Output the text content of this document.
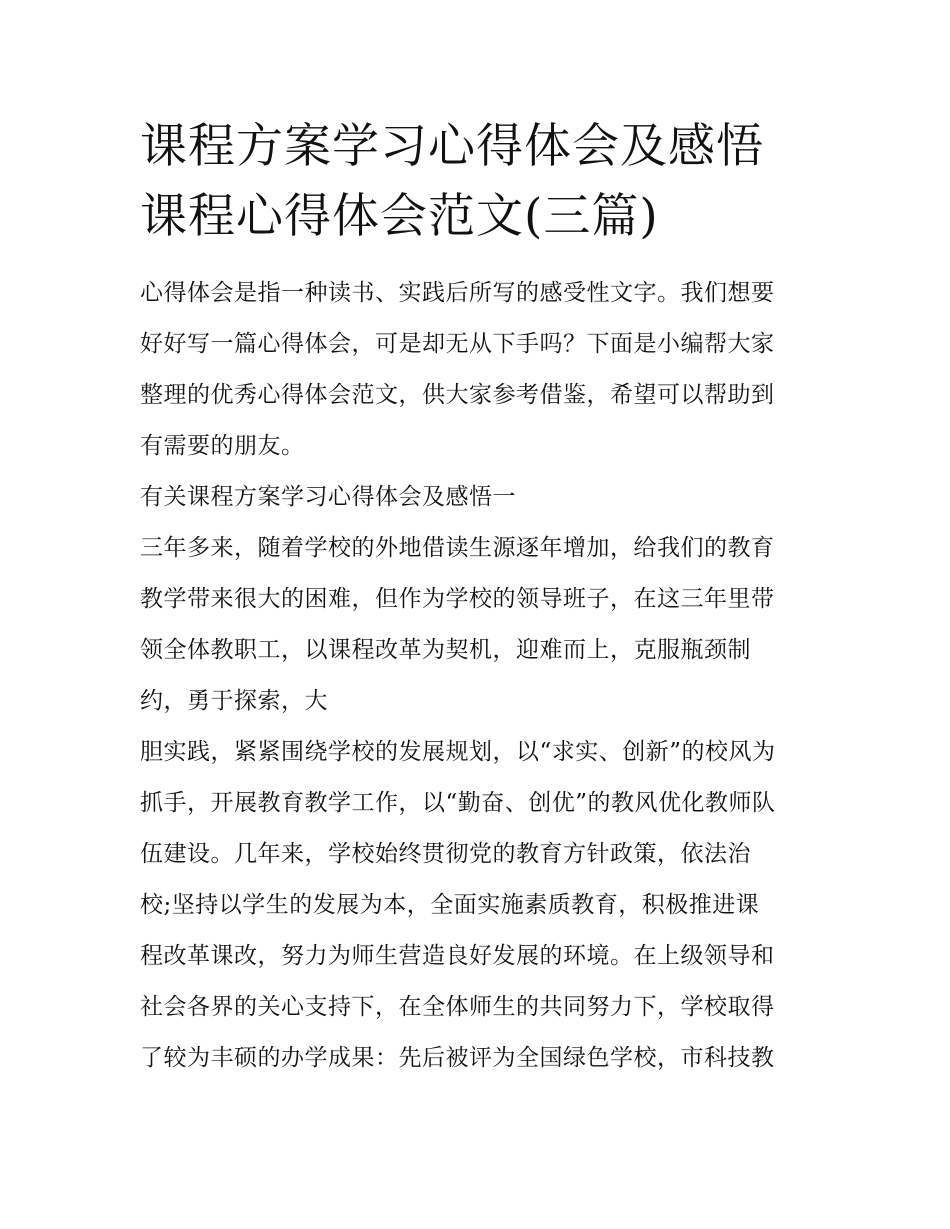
课程方案学习心得体会及感悟
课程心得体会范文(三篇)
心得体会是指一种读书、实践后所写的感受性文字。我们想要
好好写一篇心得体会，可是却无从下手吗？下面是小编帮大家
整理的优秀心得体会范文，供大家参考借鉴，希望可以帮助到
有需要的朋友。
有关课程方案学习心得体会及感悟一
三年多来，随着学校的外地借读生源逐年增加，给我们的教育
教学带来很大的困难，但作为学校的领导班子，在这三年里带
领全体教职工，以课程改革为契机，迎难而上，克服瓶颈制
约，勇于探索，大
胆实践，紧紧围绕学校的发展规划，以“求实、创新”的校风为
抓手，开展教育教学工作，以“勤奋、创优”的教风优化教师队
伍建设。几年来，学校始终贯彻党的教育方针政策，依法治
校;坚持以学生的发展为本，全面实施素质教育，积极推进课
程改革课改，努力为师生营造良好发展的环境。在上级领导和
社会各界的关心支持下，在全体师生的共同努力下，学校取得
了较为丰硕的办学成果：先后被评为全国绿色学校，市科技教
